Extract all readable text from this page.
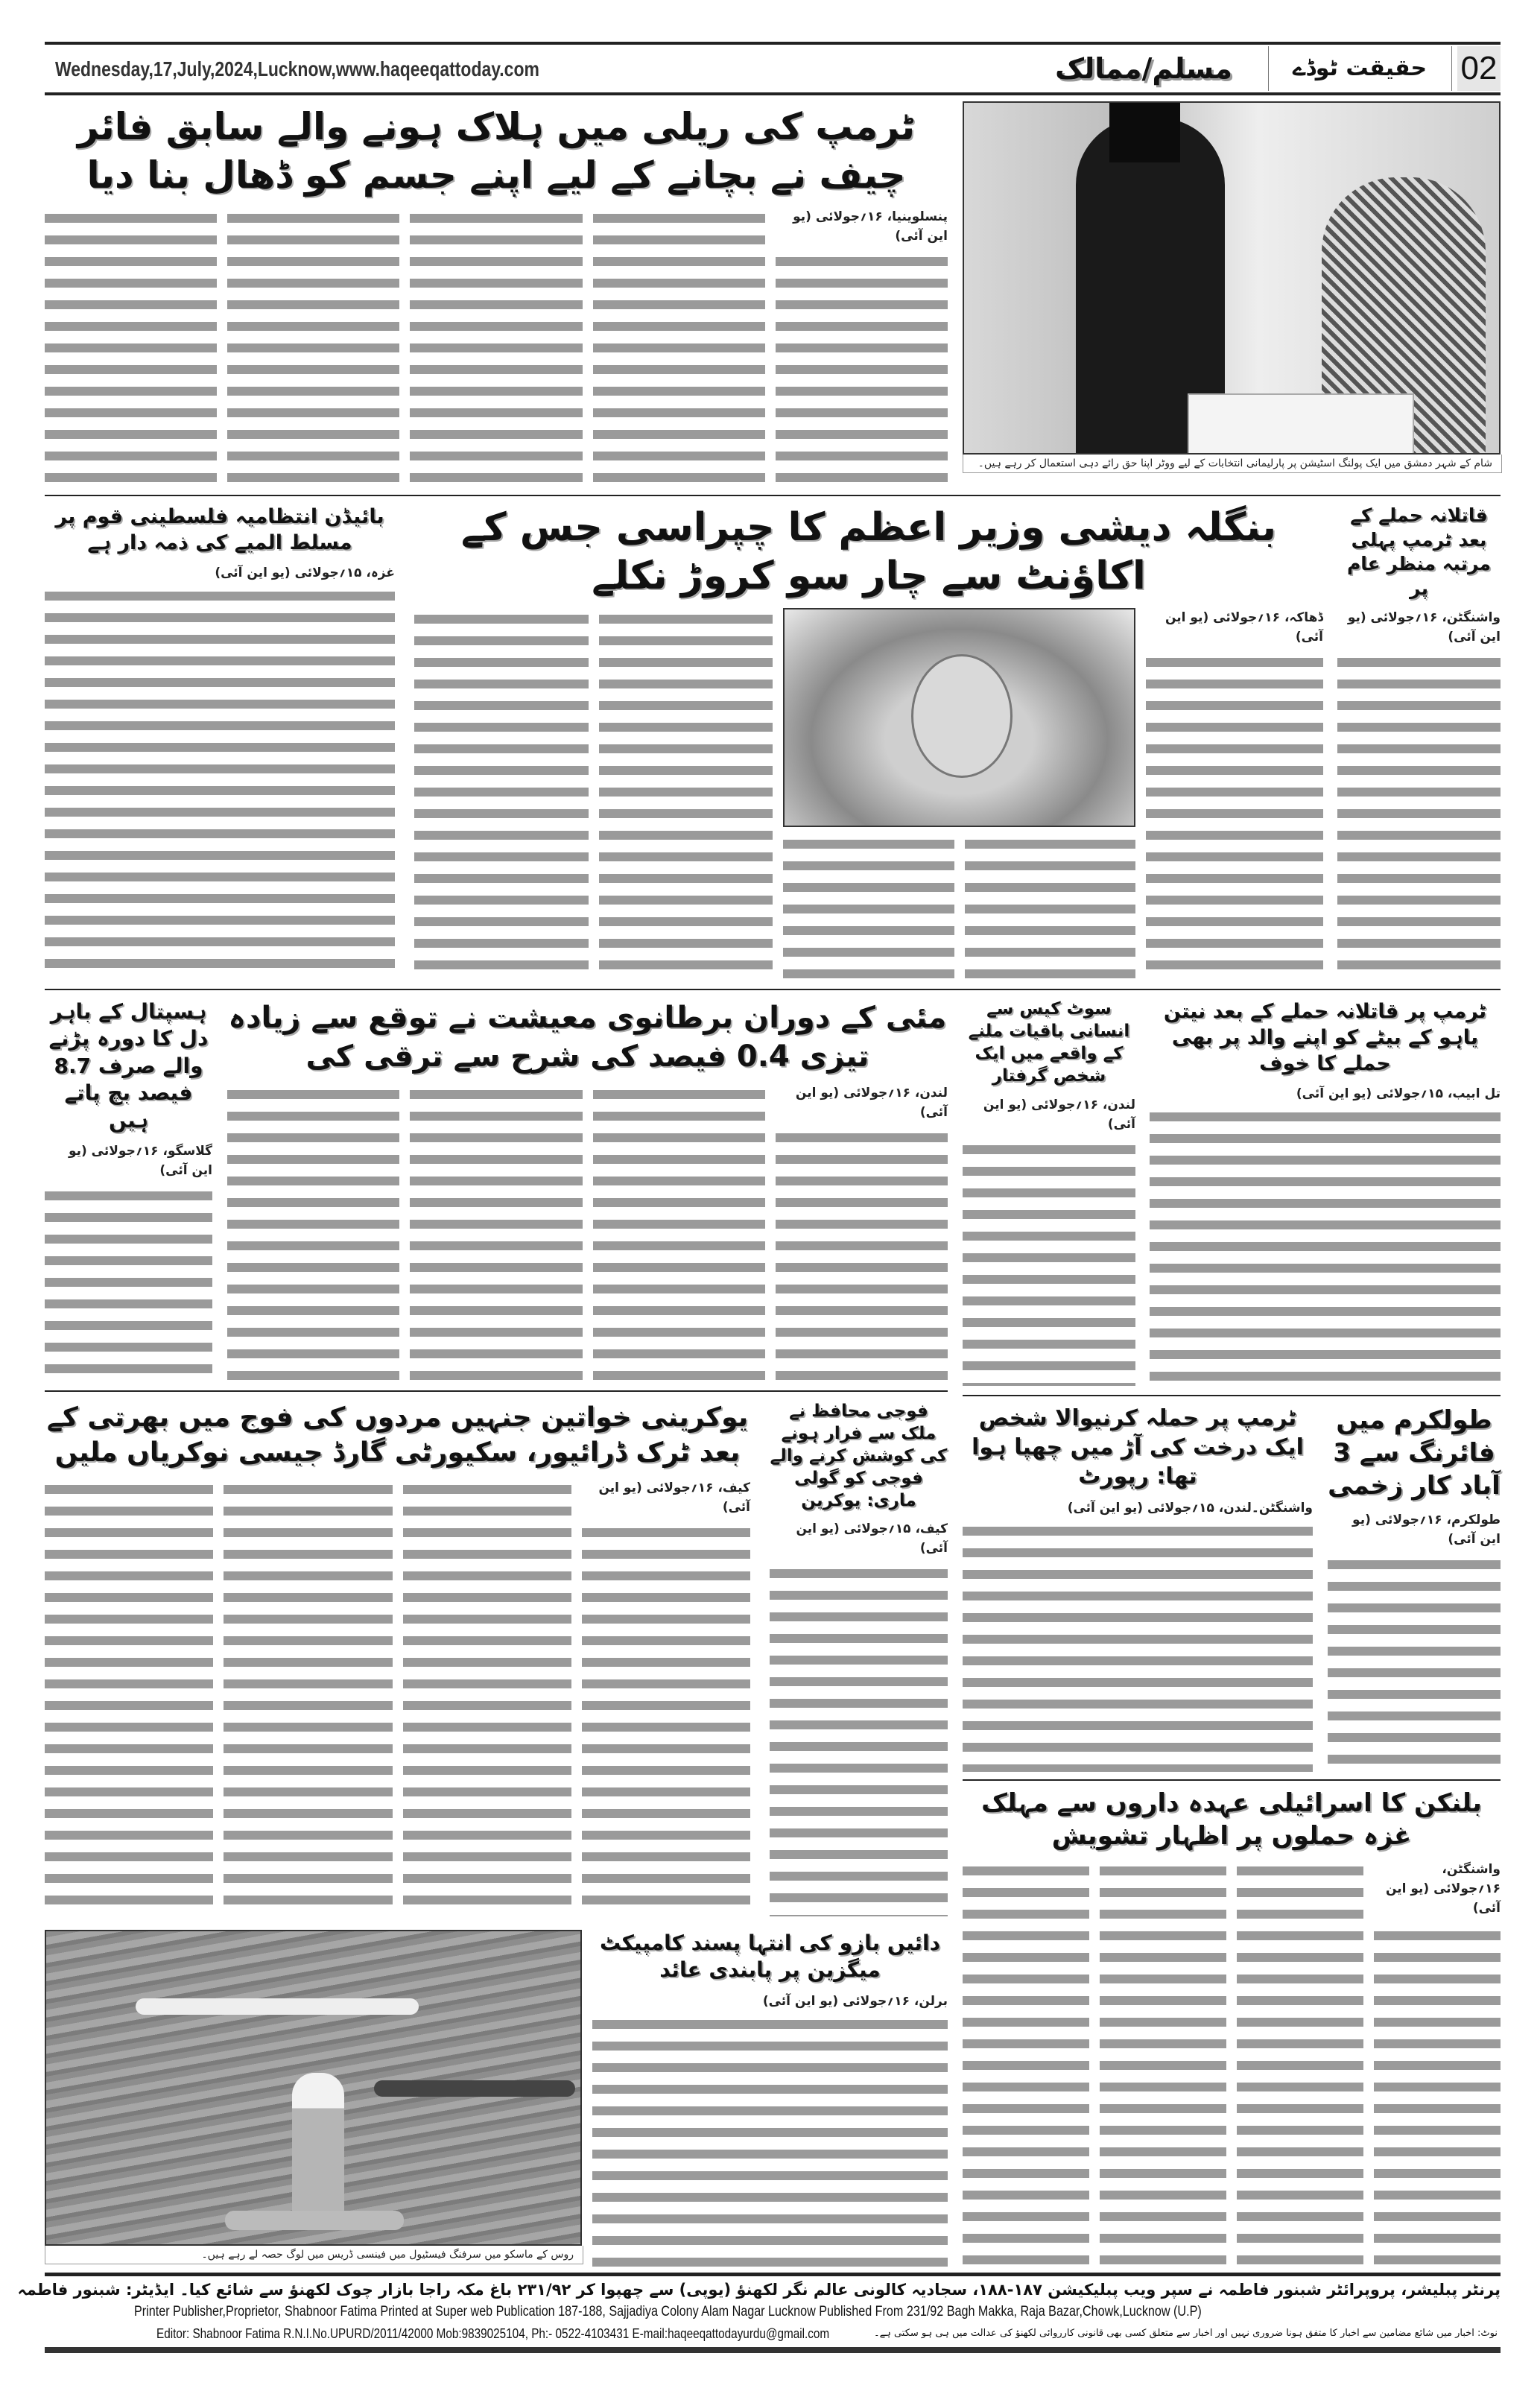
Wednesday,17,July,2024,Lucknow,www.haqeeqattoday.com	02
حقیقت ٹوڈے
مسلم/ممالک
ٹرمپ کی ریلی میں ہلاک ہونے والے سابق فائر چیف نے بچانے کے لیے اپنے جسم کو ڈھال بنا دیا
پنسلوینیا، ۱۶؍جولائی (یو این آئی)
شام کے شہر دمشق میں ایک پولنگ اسٹیشن پر پارلیمانی انتخابات کے لیے ووٹر اپنا حق رائے دہی استعمال کر رہے ہیں۔
بائیڈن انتظامیہ فلسطینی قوم پر مسلط المیے کی ذمہ دار ہے
غزہ، ۱۵؍جولائی (یو این آئی)
بنگلہ دیشی وزیر اعظم کا چپراسی جس کے اکاؤنٹ سے چار سو کروڑ نکلے
ڈھاکہ، ۱۶؍جولائی (یو این آئی)
قاتلانہ حملے کے بعد ٹرمپ پہلی مرتبہ منظر عام پر
واشنگٹن، ۱۶؍جولائی (یو این آئی)
ٹرمپ پر قاتلانہ حملے کے بعد نیتن یاہو کے بیٹے کو اپنے والد پر بھی حملے کا خوف
تل ابیب، ۱۵؍جولائی (یو این آئی)
سوٹ کیس سے انسانی باقیات ملنے کے واقعے میں ایک شخص گرفتار
لندن، ۱۶؍جولائی (یو این آئی)
مئی کے دوران برطانوی معیشت نے توقع سے زیادہ تیزی 0.4 فیصد کی شرح سے ترقی کی
لندن، ۱۶؍جولائی (یو این آئی)
ہسپتال کے باہر دل کا دورہ پڑنے والے صرف 8.7 فیصد بچ پاتے ہیں
گلاسگو، ۱۶؍جولائی (یو این آئی)
یوکرینی خواتین جنہیں مردوں کی فوج میں بھرتی کے بعد ٹرک ڈرائیور، سکیورٹی گارڈ جیسی نوکریاں ملیں
کیف، ۱۶؍جولائی (یو این آئی)
فوجی محافظ نے ملک سے فرار ہونے کی کوشش کرنے والے فوجی کو گولی ماری: یوکرین
کیف، ۱۵؍جولائی (یو این آئی)
ٹرمپ پر حملہ کرنیوالا شخص ایک درخت کی آڑ میں چھپا ہوا تھا: رپورٹ
واشنگٹن۔لندن، ۱۵؍جولائی (یو این آئی)
طولکرم میں فائرنگ سے 3 آباد کار زخمی
طولکرم، ۱۶؍جولائی (یو این آئی)
بلنکن کا اسرائیلی عہدہ داروں سے مہلک غزہ حملوں پر اظہار تشویش
واشنگٹن، ۱۶؍جولائی (یو این آئی)
روس کے ماسکو میں سرفنگ فیسٹیول میں فینسی ڈریس میں لوگ حصہ لے رہے ہیں۔
دائیں بازو کی انتہا پسند کامپیکٹ میگزین پر پابندی عائد
برلن، ۱۶؍جولائی (یو این آئی)
پرنٹر پبلیشر، پروپرائٹر شبنور فاطمہ نے سپر ویب پبلیکیشن ۱۸۷-۱۸۸، سجادیہ کالونی عالم نگر لکھنؤ (یوپی) سے چھپوا کر ۲۳۱/۹۲ باغ مکہ راجا بازار چوک لکھنؤ سے شائع کیا۔ ایڈیٹر: شبنور فاطمہ
Printer Publisher,Proprietor, Shabnoor Fatima Printed at Super web Publication 187-188, Sajjadiya Colony Alam Nagar Lucknow Published From 231/92 Bagh Makka, Raja Bazar,Chowk,Lucknow (U.P)
Editor: Shabnoor Fatima R.N.I.No.UPURD/2011/42000 Mob:9839025104, Ph:- 0522-4103431 E-mail:haqeeqattodayurdu@gmail.com	نوٹ: اخبار میں شائع مضامین سے اخبار کا متفق ہونا ضروری نہیں اور اخبار سے متعلق کسی بھی قانونی کارروائی لکھنؤ کی عدالت میں ہی ہو سکتی ہے۔
